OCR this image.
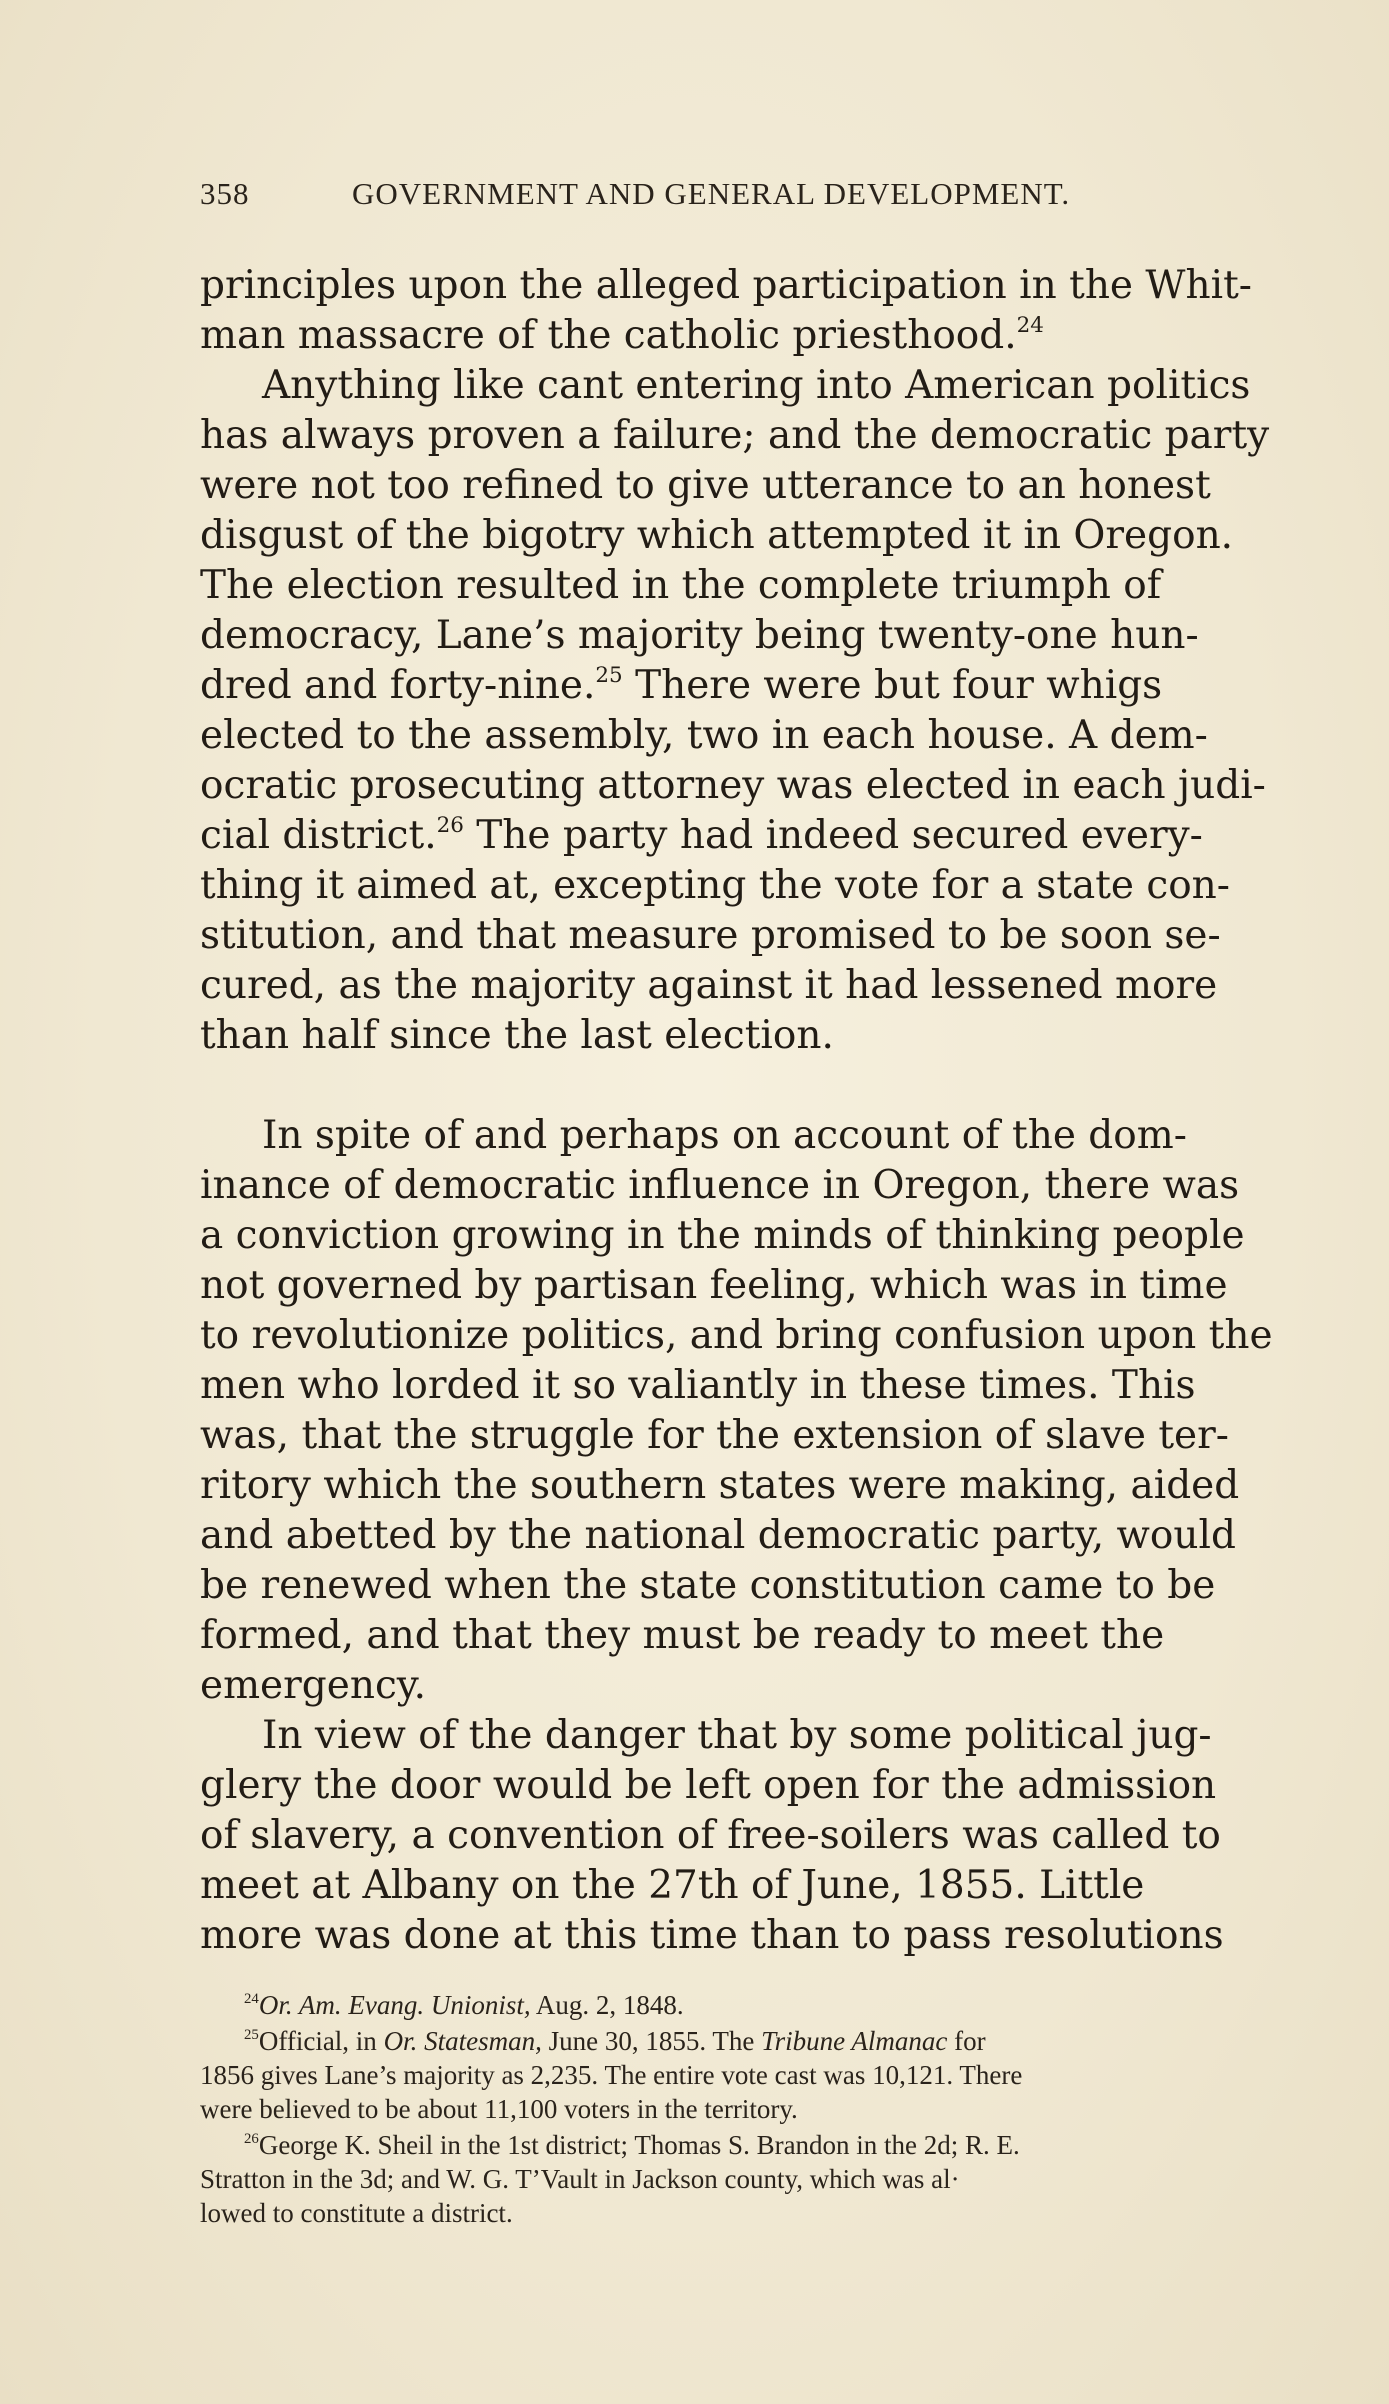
358	GOVERNMENT AND GENERAL DEVELOPMENT.
principles upon the alleged participation in the Whit-
man massacre of the catholic priesthood.$^{24}$
Anything like cant entering into American politics
has always proven a failure; and the democratic party
were not too refined to give utterance to an honest
disgust of the bigotry which attempted it in Oregon.
The election resulted in the complete triumph of
democracy, Lane’s majority being twenty-one hun-
dred and forty-nine.$^{25}$ There were but four whigs
elected to the assembly, two in each house. A dem-
ocratic prosecuting attorney was elected in each judi-
cial district.$^{26}$ The party had indeed secured every-
thing it aimed at, excepting the vote for a state con-
stitution, and that measure promised to be soon se-
cured, as the majority against it had lessened more
than half since the last election.
In spite of and perhaps on account of the dom-
inance of democratic influence in Oregon, there was
a conviction growing in the minds of thinking people
not governed by partisan feeling, which was in time
to revolutionize politics, and bring confusion upon the
men who lorded it so valiantly in these times. This
was, that the struggle for the extension of slave ter-
ritory which the southern states were making, aided
and abetted by the national democratic party, would
be renewed when the state constitution came to be
formed, and that they must be ready to meet the
emergency.
In view of the danger that by some political jug-
glery the door would be left open for the admission
of slavery, a convention of free-soilers was called to
meet at Albany on the 27th of June, 1855. Little
more was done at this time than to pass resolutions
$^{24}$Or. Am. Evang. Unionist, Aug. 2, 1848.
$^{25}$Official, in Or. Statesman, June 30, 1855. The Tribune Almanac for
1856 gives Lane’s majority as 2,235. The entire vote cast was 10,121. There
were believed to be about 11,100 voters in the territory.
$^{26}$George K. Sheil in the 1st district; Thomas S. Brandon in the 2d; R. E.
Stratton in the 3d; and W. G. T’Vault in Jackson county, which was al·
lowed to constitute a district.
